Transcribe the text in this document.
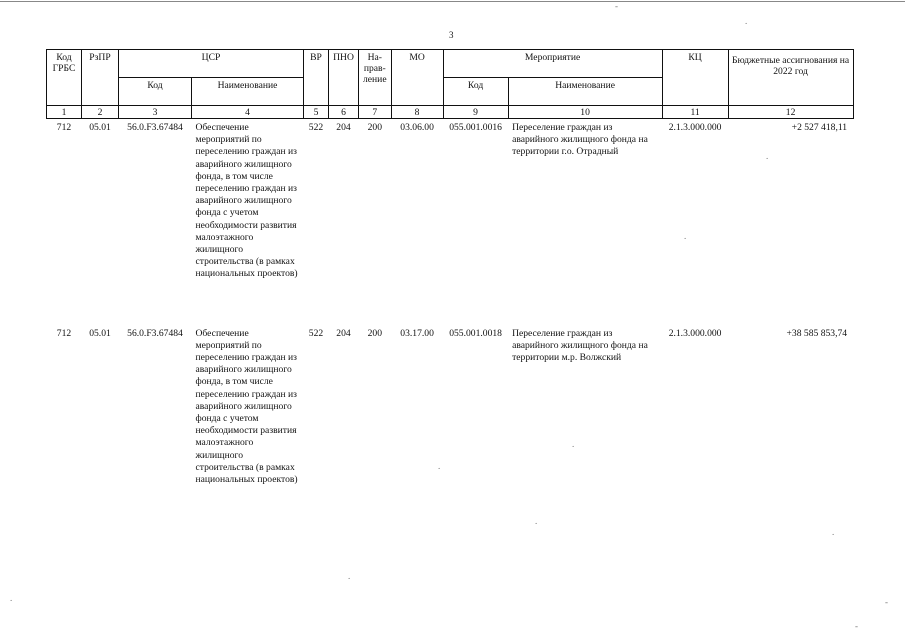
3
-
.
.
.
.
.
.
.
.
-
-
.
Код ГРБС	РзПР	ЦСР		ВР	ПНО	На-прав-ление	МО	Мероприятие		КЦ	Бюджетные ассигнования на 2022 год
		Код	Наименование					Код	Наименование		
1	2	3	4	5	6	7	8	9	10	11	12
712	05.01	56.0.F3.67484	Обеспечение мероприятий по переселению граждан из аварийного жилищного фонда, в том числе переселению граждан из аварийного жилищного фонда с учетом необходимости развития малоэтажного жилищного строительства (в рамках национальных проектов)	522	204	200	03.06.00	055.001.0016	Переселение граждан из аварийного жилищного фонда на территории г.о. Отрадный	2.1.3.000.000	+2 527 418,11
712	05.01	56.0.F3.67484	Обеспечение мероприятий по переселению граждан из аварийного жилищного фонда, в том числе переселению граждан из аварийного жилищного фонда с учетом необходимости развития малоэтажного жилищного строительства (в рамках национальных проектов)	522	204	200	03.17.00	055.001.0018	Переселение граждан из аварийного жилищного фонда на территории м.р. Волжский	2.1.3.000.000	+38 585 853,74
